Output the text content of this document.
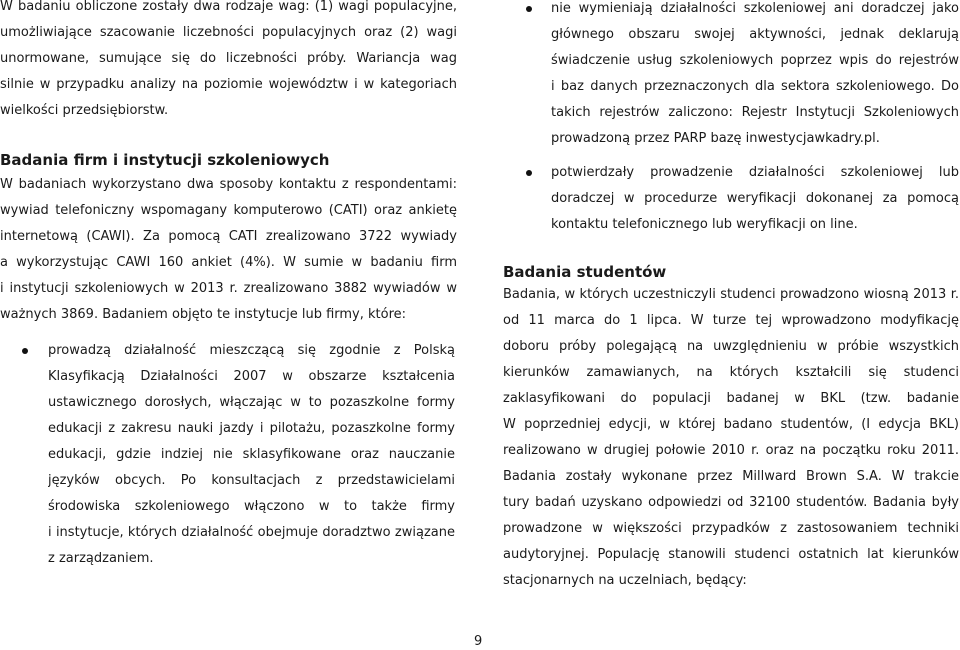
W badaniu obliczone zostały dwa rodzaje wag: (1) wagi populacyjne,
umożliwiające szacowanie liczebności populacyjnych oraz (2) wagi
unormowane, sumujące się do liczebności próby. Wariancja wag
silnie w przypadku analizy na poziomie województw i w kategoriach
wielkości przedsiębiorstw.
Badania firm i instytucji szkoleniowych
W badaniach wykorzystano dwa sposoby kontaktu z respondentami:
wywiad telefoniczny wspomagany komputerowo (CATI) oraz ankietę
internetową (CAWI). Za pomocą CATI zrealizowano 3722 wywiady
a wykorzystując CAWI 160 ankiet (4%). W sumie w badaniu firm
i instytucji szkoleniowych w 2013 r. zrealizowano 3882 wywiadów w
ważnych 3869. Badaniem objęto te instytucje lub firmy, które:
prowadzą działalność mieszczącą się zgodnie z Polską
Klasyfikacją Działalności 2007 w obszarze kształcenia
ustawicznego dorosłych, włączając w to pozaszkolne formy
edukacji z zakresu nauki jazdy i pilotażu, pozaszkolne formy
edukacji, gdzie indziej nie sklasyfikowane oraz nauczanie
języków obcych. Po konsultacjach z przedstawicielami
środowiska szkoleniowego włączono w to także firmy
i instytucje, których działalność obejmuje doradztwo związane
z zarządzaniem.
nie wymieniają działalności szkoleniowej ani doradczej jako
głównego obszaru swojej aktywności, jednak deklarują
świadczenie usług szkoleniowych poprzez wpis do rejestrów
i baz danych przeznaczonych dla sektora szkoleniowego. Do
takich rejestrów zaliczono: Rejestr Instytucji Szkoleniowych
prowadzoną przez PARP bazę inwestycjawkadry.pl.
potwierdzały prowadzenie działalności szkoleniowej lub
doradczej w procedurze weryfikacji dokonanej za pomocą
kontaktu telefonicznego lub weryfikacji on line.
Badania studentów
Badania, w których uczestniczyli studenci prowadzono wiosną 2013 r.
od 11 marca do 1 lipca. W turze tej wprowadzono modyfikację
doboru próby polegającą na uwzględnieniu w próbie wszystkich
kierunków zamawianych, na których kształcili się studenci
zaklasyfikowani do populacji badanej w BKL (tzw. badanie
W poprzedniej edycji, w której badano studentów, (I edycja BKL)
realizowano w drugiej połowie 2010 r. oraz na początku roku 2011.
Badania zostały wykonane przez Millward Brown S.A. W trakcie
tury badań uzyskano odpowiedzi od 32100 studentów. Badania były
prowadzone w większości przypadków z zastosowaniem techniki
audytoryjnej. Populację stanowili studenci ostatnich lat kierunków
stacjonarnych na uczelniach, będący:
9
